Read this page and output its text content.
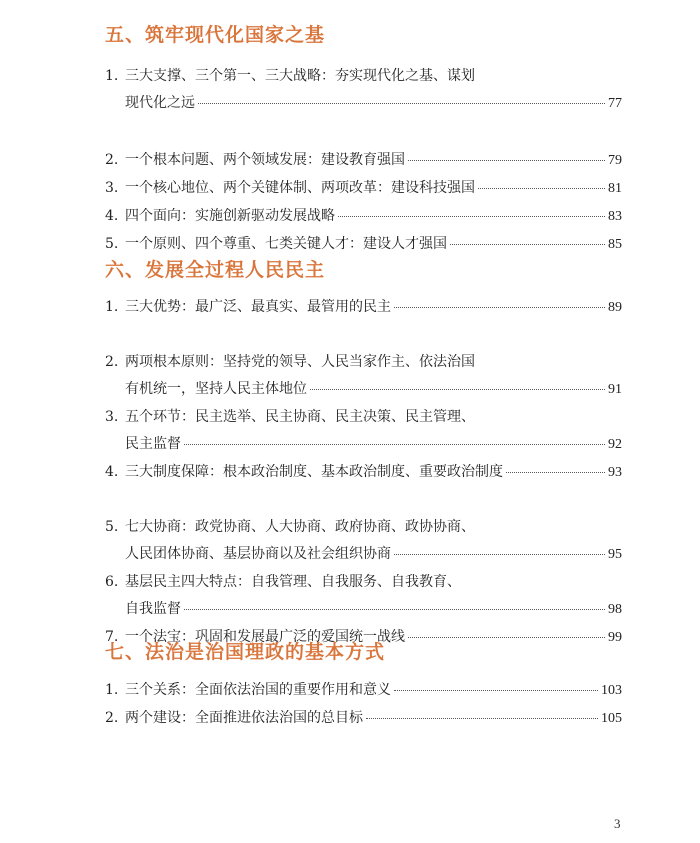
五、筑牢现代化国家之基
1. 三大支撑、三个第一、三大战略：夯实现代化之基、谋划
现代化之远	77
2. 一个根本问题、两个领域发展：建设教育强国	79
3. 一个核心地位、两个关键体制、两项改革：建设科技强国	81
4. 四个面向：实施创新驱动发展战略	83
5. 一个原则、四个尊重、七类关键人才：建设人才强国	85
六、发展全过程人民民主
1. 三大优势：最广泛、最真实、最管用的民主	89
2. 两项根本原则：坚持党的领导、人民当家作主、依法治国
有机统一，坚持人民主体地位	91
3. 五个环节：民主选举、民主协商、民主决策、民主管理、
民主监督	92
4. 三大制度保障：根本政治制度、基本政治制度、重要政治制度	93
5. 七大协商：政党协商、人大协商、政府协商、政协协商、
人民团体协商、基层协商以及社会组织协商	95
6. 基层民主四大特点：自我管理、自我服务、自我教育、
自我监督	98
7. 一个法宝：巩固和发展最广泛的爱国统一战线	99
七、法治是治国理政的基本方式
1. 三个关系：全面依法治国的重要作用和意义	103
2. 两个建设：全面推进依法治国的总目标	105
3
